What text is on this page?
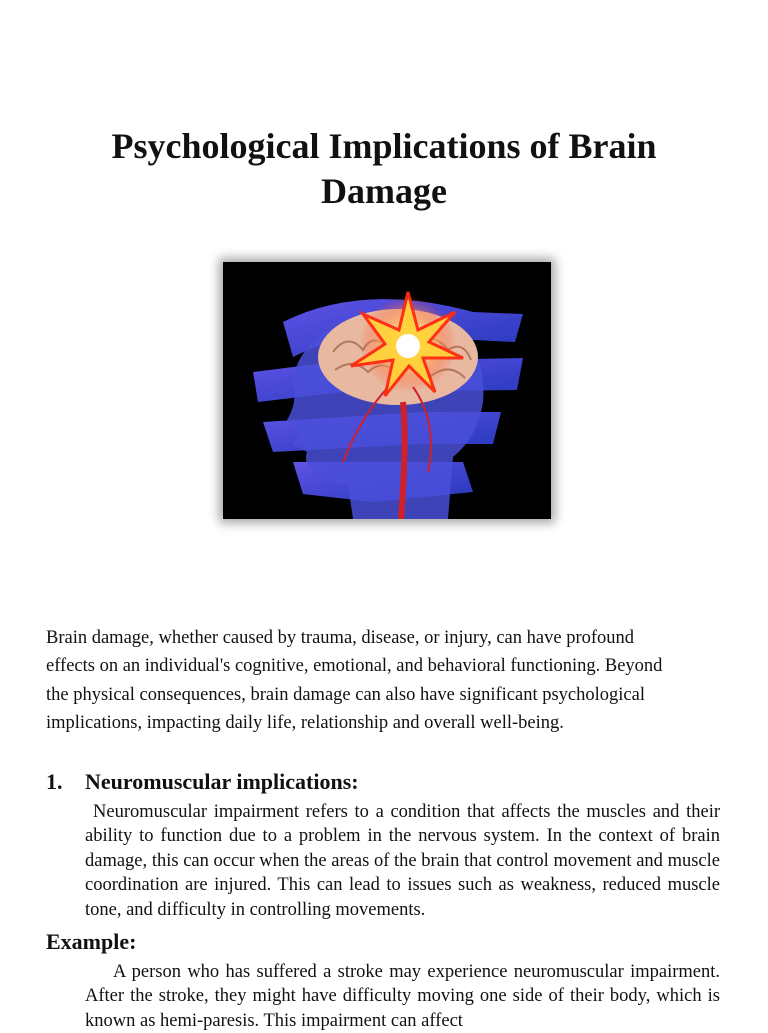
Psychological Implications of Brain Damage
Brain damage, whether caused by trauma, disease, or injury, can have profound effects on an individual's cognitive, emotional, and behavioral functioning. Beyond the physical consequences, brain damage can also have significant psychological implications, impacting daily life, relationship and overall well-being.
1. Neuromuscular implications:
Neuromuscular impairment refers to a condition that affects the muscles and their ability to function due to a problem in the nervous system. In the context of brain damage, this can occur when the areas of the brain that control movement and muscle coordination are injured. This can lead to issues such as weakness, reduced muscle tone, and difficulty in controlling movements.
Example:
A person who has suffered a stroke may experience neuromuscular impairment. After the stroke, they might have difficulty moving one side of their body, which is known as hemi-paresis. This impairment can affect
